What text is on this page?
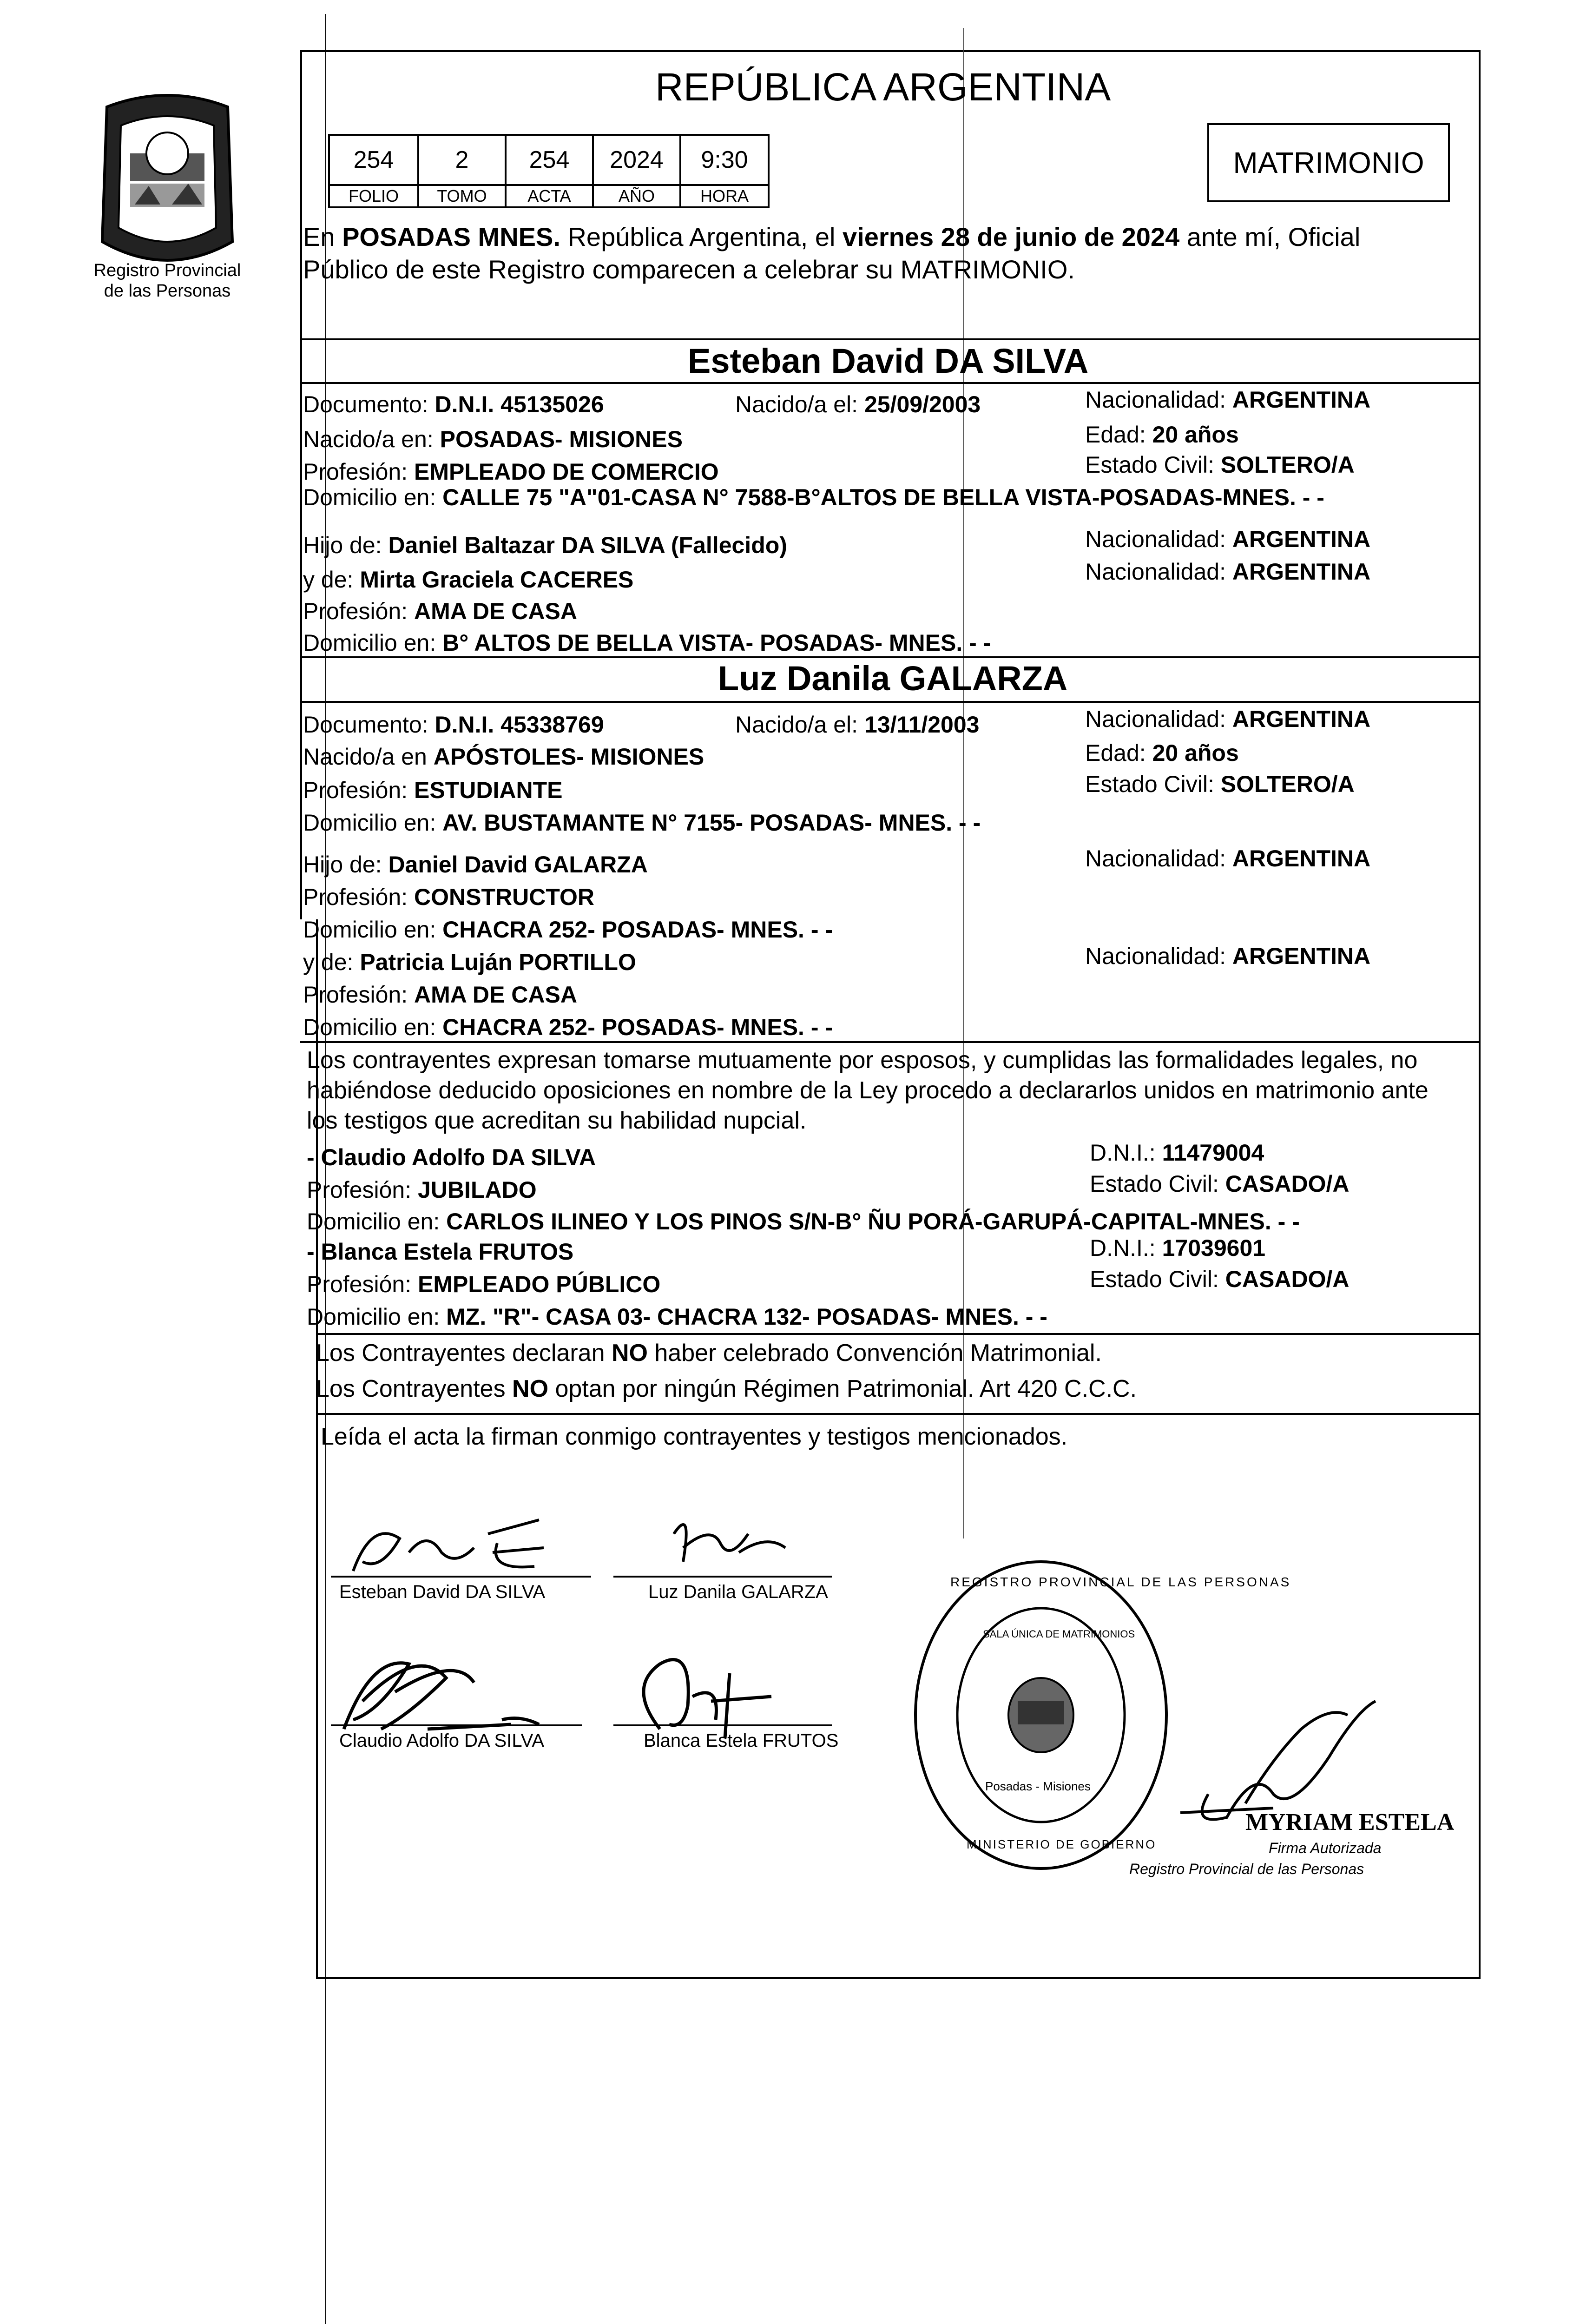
Registro Provincial
de las Personas
REPÚBLICA ARGENTINA
254	2	254	2024	9:30
FOLIO	TOMO	ACTA	AÑO	HORA
MATRIMONIO
En POSADAS MNES. República Argentina, el viernes 28 de junio de 2024 ante mí, Oficial
Público de este Registro comparecen a celebrar su MATRIMONIO.
Esteban David DA SILVA
Documento: D.N.I. 45135026	Nacido/a el: 25/09/2003	Nacionalidad: ARGENTINA
Nacido/a en: POSADAS- MISIONES	Edad: 20 años
Profesión: EMPLEADO DE COMERCIO	Estado Civil: SOLTERO/A
Domicilio en: CALLE 75 "A"01-CASA N° 7588-B°ALTOS DE BELLA VISTA-POSADAS-MNES. - -
Hijo de: Daniel Baltazar DA SILVA (Fallecido)	Nacionalidad: ARGENTINA
y de: Mirta Graciela CACERES	Nacionalidad: ARGENTINA
Profesión: AMA DE CASA
Domicilio en: B° ALTOS DE BELLA VISTA- POSADAS- MNES. - -
Luz Danila GALARZA
Documento: D.N.I. 45338769	Nacido/a el: 13/11/2003	Nacionalidad: ARGENTINA
Nacido/a en APÓSTOLES- MISIONES	Edad: 20 años
Profesión: ESTUDIANTE	Estado Civil: SOLTERO/A
Domicilio en: AV. BUSTAMANTE N° 7155- POSADAS- MNES. - -
Hijo de: Daniel David GALARZA	Nacionalidad: ARGENTINA
Profesión: CONSTRUCTOR
Domicilio en: CHACRA 252- POSADAS- MNES. - -
y de: Patricia Luján PORTILLO	Nacionalidad: ARGENTINA
Profesión: AMA DE CASA
Domicilio en: CHACRA 252- POSADAS- MNES. - -
Los contrayentes expresan tomarse mutuamente por esposos, y cumplidas las formalidades legales, no
habiéndose deducido oposiciones en nombre de la Ley procedo a declararlos unidos en matrimonio ante
los testigos que acreditan su habilidad nupcial.
- Claudio Adolfo DA SILVA	D.N.I.: 11479004
Profesión: JUBILADO	Estado Civil: CASADO/A
Domicilio en: CARLOS ILINEO Y LOS PINOS S/N-B° ÑU PORÁ-GARUPÁ-CAPITAL-MNES. - -
- Blanca Estela FRUTOS	D.N.I.: 17039601
Profesión: EMPLEADO PÚBLICO	Estado Civil: CASADO/A
Domicilio en: MZ. "R"- CASA 03- CHACRA 132- POSADAS- MNES. - -
Los Contrayentes declaran NO haber celebrado Convención Matrimonial.
Los Contrayentes NO optan por ningún Régimen Patrimonial. Art 420 C.C.C.
Leída el acta la firman conmigo contrayentes y testigos mencionados.
Esteban David DA SILVA	Luz Danila GALARZA
Claudio Adolfo DA SILVA	Blanca Estela FRUTOS
REGISTRO PROVINCIAL DE LAS PERSONAS
SALA ÚNICA DE MATRIMONIOS
Posadas - Misiones
MINISTERIO DE GOBIERNO
MYRIAM ESTELA
Firma Autorizada
Registro Provincial de las Personas
